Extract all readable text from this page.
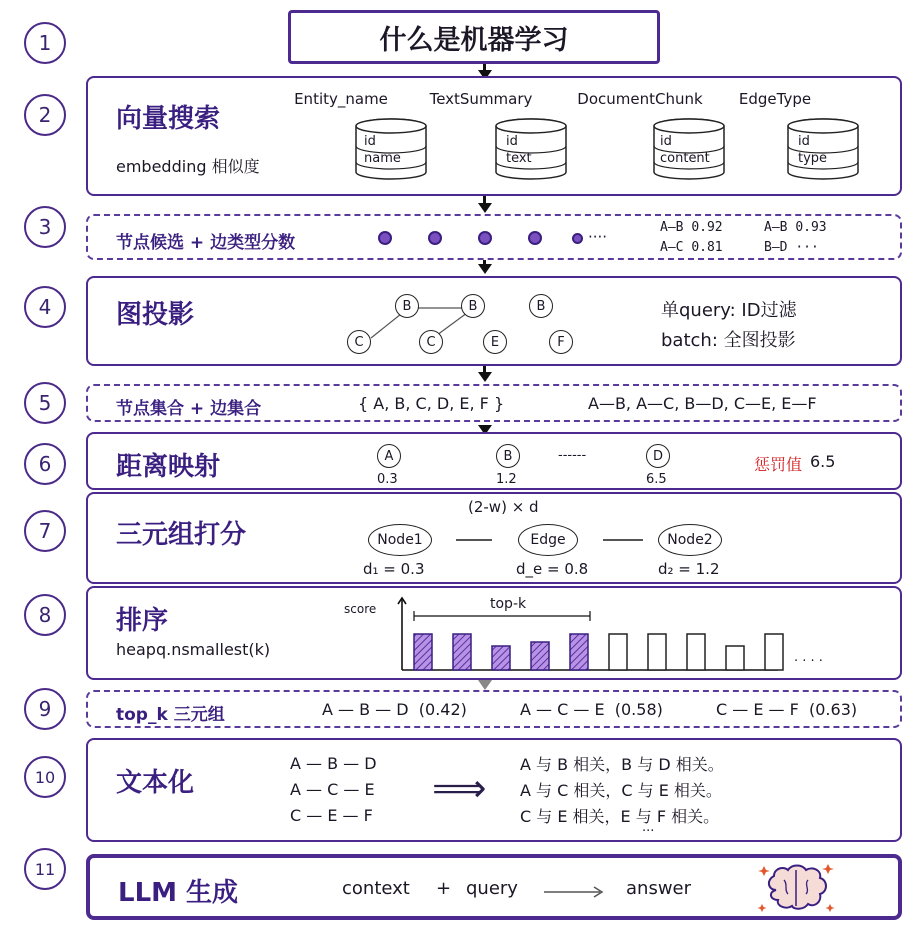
1
2
3
4
5
6
7
8
9
10
11
什么是机器学习
向量搜索
embedding 相似度
Entity_name	TextSummary	DocumentChunk	EdgeType
id
name
id
text
id
content
id
type
节点候选 + 边类型分数	····
A—B 0.92	A—B 0.93
A—C 0.81	B—D ···
图投影	B	B	B
C	C	E	F
单query: ID过滤
batch: 全图投影
节点集合 + 边集合	{ A, B, C, D, E, F }	A—B, A—C, B—D, C—E, E—F
距离映射	A
0.3
B
1.2
------	D
6.5
惩罚值 6.5
三元组打分
(2-w) × d
Node1	Edge	Node2
d₁ = 0.3	d_e = 0.8	d₂ = 1.2
排序
heapq.nsmallest(k)
score	top-k
· · · ·
top_k 三元组	A — B — D (0.42)	A — C — E (0.58)	C — E — F (0.63)
文本化
A — B — D
A — C — E
C — E — F
⟹
A 与 B 相关，B 与 D 相关。
A 与 C 相关，C 与 E 相关。
C 与 E 相关，E 与 F 相关。
···
LLM 生成	context + query	answer
